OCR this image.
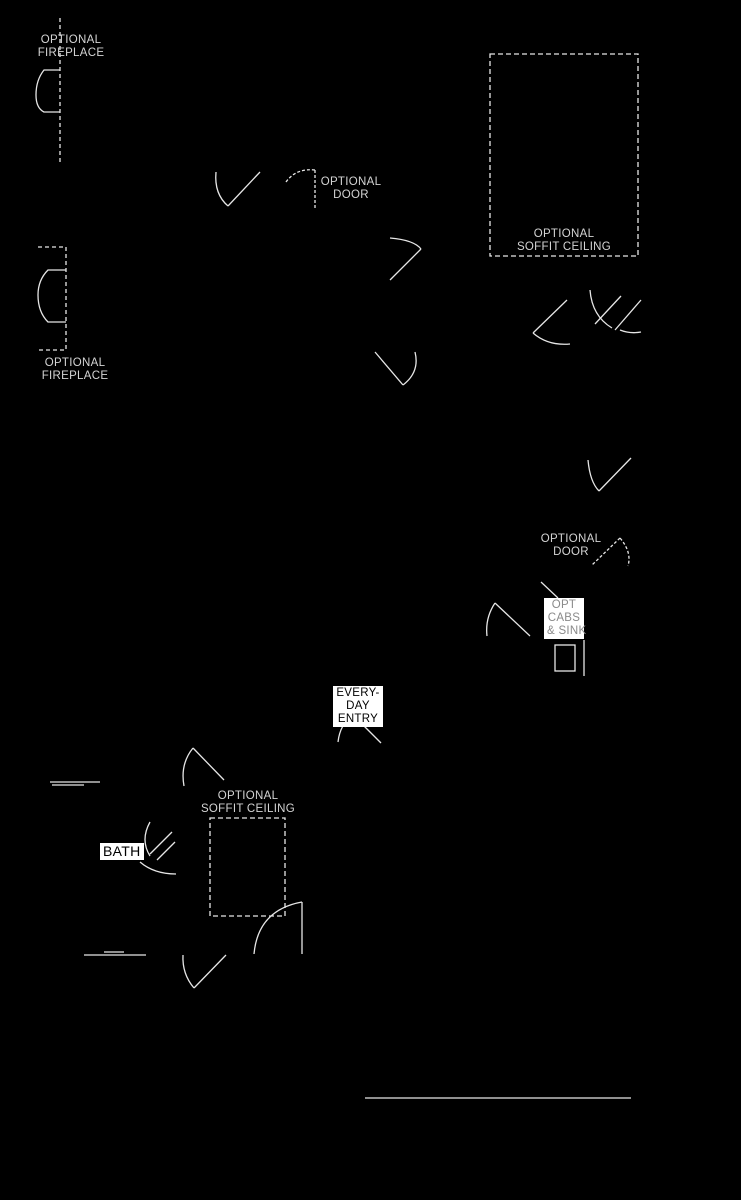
OPTIONAL
FIREPLACE
OPTIONAL
DOOR
OPTIONAL
SOFFIT CEILING
OPTIONAL
FIREPLACE
OPTIONAL
DOOR
OPT
CABS
& SINK
EVERY-
DAY
ENTRY
OPTIONAL
SOFFIT CEILING
BATH
